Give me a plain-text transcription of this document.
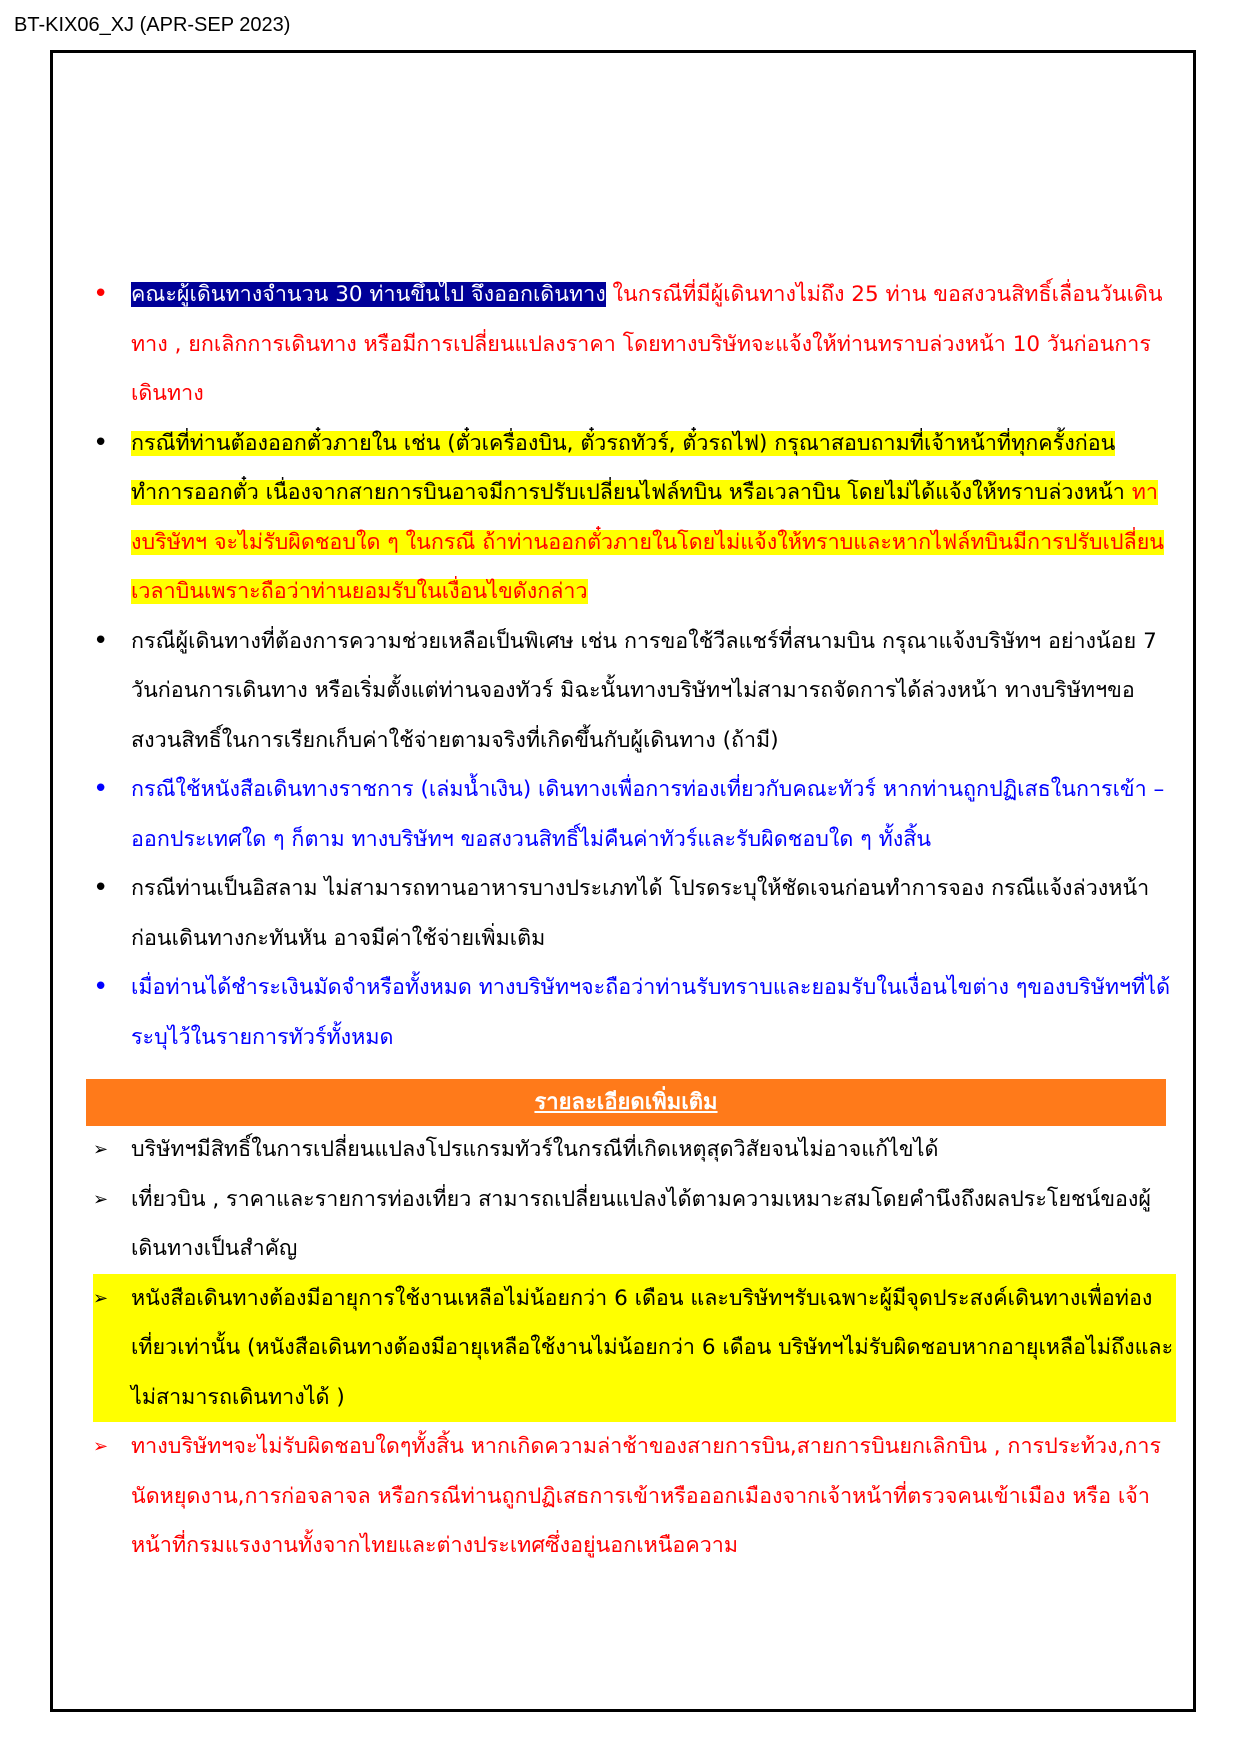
BT-KIX06_XJ (APR-SEP 2023)
• คณะผู้เดินทางจำนวน 30 ท่านขึ้นไป จึงออกเดินทาง ในกรณีที่มีผู้เดินทางไม่ถึง 25 ท่าน ขอสงวนสิทธิ์เลื่อนวันเดินทาง , ยกเลิกการเดินทาง หรือมีการเปลี่ยนแปลงราคา โดยทางบริษัทจะแจ้งให้ท่านทราบล่วงหน้า 10 วันก่อนการเดินทาง
• กรณีที่ท่านต้องออกตั๋วภายใน เช่น (ตั๋วเครื่องบิน, ตั๋วรถทัวร์, ตั๋วรถไฟ) กรุณาสอบถามที่เจ้าหน้าที่ทุกครั้งก่อนทำการออกตั๋ว เนื่องจากสายการบินอาจมีการปรับเปลี่ยนไฟล์ทบิน หรือเวลาบิน โดยไม่ได้แจ้งให้ทราบล่วงหน้า ทางบริษัทฯ จะไม่รับผิดชอบใด ๆ ในกรณี ถ้าท่านออกตั๋วภายในโดยไม่แจ้งให้ทราบและหากไฟล์ทบินมีการปรับเปลี่ยนเวลาบินเพราะถือว่าท่านยอมรับในเงื่อนไขดังกล่าว
• กรณีผู้เดินทางที่ต้องการความช่วยเหลือเป็นพิเศษ เช่น การขอใช้วีลแชร์ที่สนามบิน กรุณาแจ้งบริษัทฯ อย่างน้อย 7 วันก่อนการเดินทาง หรือเริ่มตั้งแต่ท่านจองทัวร์ มิฉะนั้นทางบริษัทฯไม่สามารถจัดการได้ล่วงหน้า ทางบริษัทฯขอสงวนสิทธิ์ในการเรียกเก็บค่าใช้จ่ายตามจริงที่เกิดขึ้นกับผู้เดินทาง (ถ้ามี)
• กรณีใช้หนังสือเดินทางราชการ (เล่มน้ำเงิน) เดินทางเพื่อการท่องเที่ยวกับคณะทัวร์ หากท่านถูกปฏิเสธในการเข้า – ออกประเทศใด ๆ ก็ตาม ทางบริษัทฯ ขอสงวนสิทธิ์ไม่คืนค่าทัวร์และรับผิดชอบใด ๆ ทั้งสิ้น
• กรณีท่านเป็นอิสลาม ไม่สามารถทานอาหารบางประเภทได้ โปรดระบุให้ชัดเจนก่อนทำการจอง กรณีแจ้งล่วงหน้าก่อนเดินทางกะทันหัน อาจมีค่าใช้จ่ายเพิ่มเติม
• เมื่อท่านได้ชำระเงินมัดจำหรือทั้งหมด ทางบริษัทฯจะถือว่าท่านรับทราบและยอมรับในเงื่อนไขต่าง ๆของบริษัทฯที่ได้ระบุไว้ในรายการทัวร์ทั้งหมด
รายละเอียดเพิ่มเติม
➢ บริษัทฯมีสิทธิ์ในการเปลี่ยนแปลงโปรแกรมทัวร์ในกรณีที่เกิดเหตุสุดวิสัยจนไม่อาจแก้ไขได้
➢ เที่ยวบิน , ราคาและรายการท่องเที่ยว สามารถเปลี่ยนแปลงได้ตามความเหมาะสมโดยคำนึงถึงผลประโยชน์ของผู้เดินทางเป็นสำคัญ
➢ หนังสือเดินทางต้องมีอายุการใช้งานเหลือไม่น้อยกว่า 6 เดือน และบริษัทฯรับเฉพาะผู้มีจุดประสงค์เดินทางเพื่อท่องเที่ยวเท่านั้น (หนังสือเดินทางต้องมีอายุเหลือใช้งานไม่น้อยกว่า 6 เดือน บริษัทฯไม่รับผิดชอบหากอายุเหลือไม่ถึงและไม่สามารถเดินทางได้ )
➢ ทางบริษัทฯจะไม่รับผิดชอบใดๆทั้งสิ้น หากเกิดความล่าช้าของสายการบิน,สายการบินยกเลิกบิน , การประท้วง,การนัดหยุดงาน,การก่อจลาจล หรือกรณีท่านถูกปฏิเสธการเข้าหรือออกเมืองจากเจ้าหน้าที่ตรวจคนเข้าเมือง หรือ เจ้าหน้าที่กรมแรงงานทั้งจากไทยและต่างประเทศซึ่งอยู่นอกเหนือความ
